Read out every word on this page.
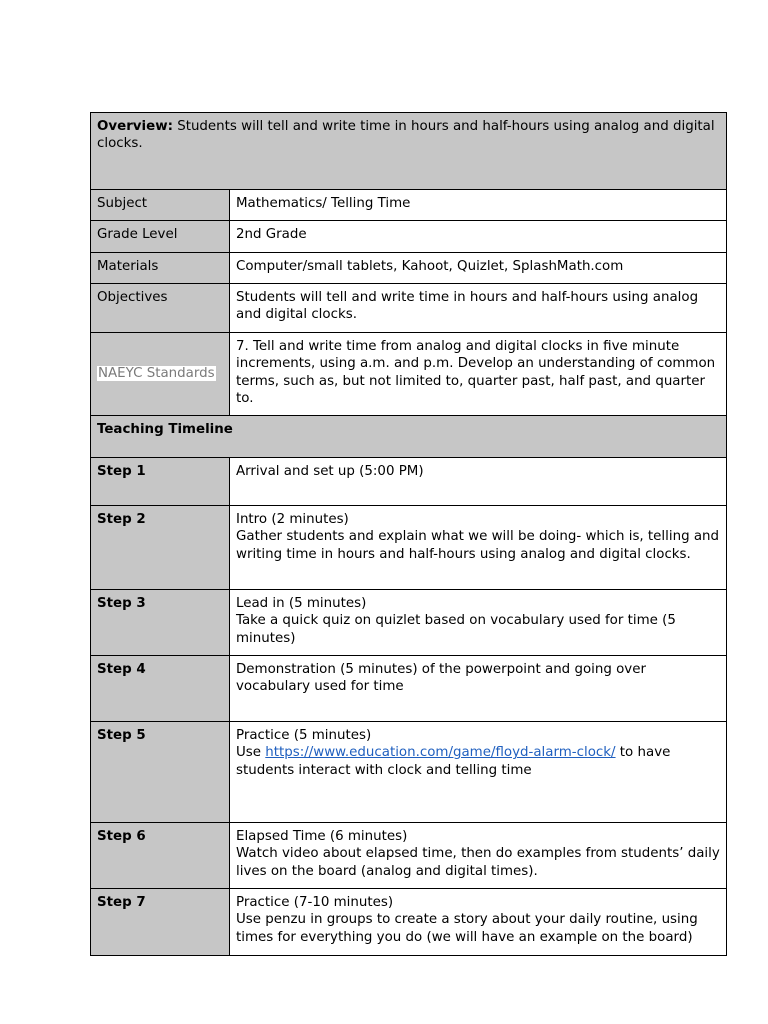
Overview: Students will tell and write time in hours and half-hours using analog and digital clocks.	
Subject	Mathematics/ Telling Time
Grade Level	2nd Grade
Materials	Computer/small tablets, Kahoot, Quizlet, SplashMath.com
Objectives	Students will tell and write time in hours and half-hours using analog and digital clocks.
NAEYC Standards	7. Tell and write time from analog and digital clocks in five minute increments, using a.m. and p.m. Develop an understanding of common terms, such as, but not limited to, quarter past, half past, and quarter to.
Teaching Timeline	
Step 1	Arrival and set up (5:00 PM)

Step 2	Intro (2 minutes)
Gather students and explain what we will be doing- which is, telling and writing time in hours and half-hours using analog and digital clocks.

Step 3	Lead in (5 minutes)
Take a quick quiz on quizlet based on vocabulary used for time (5 minutes)

Step 4	Demonstration (5 minutes) of the powerpoint and going over vocabulary used for time

Step 5	Practice (5 minutes)
Use https://www.education.com/game/floyd-alarm-clock/ to have students interact with clock and telling time

Step 6	Elapsed Time (6 minutes)
Watch video about elapsed time, then do examples from students’ daily lives on the board (analog and digital times).

Step 7	Practice (7-10 minutes)
Use penzu in groups to create a story about your daily routine, using times for everything you do (we will have an example on the board)
